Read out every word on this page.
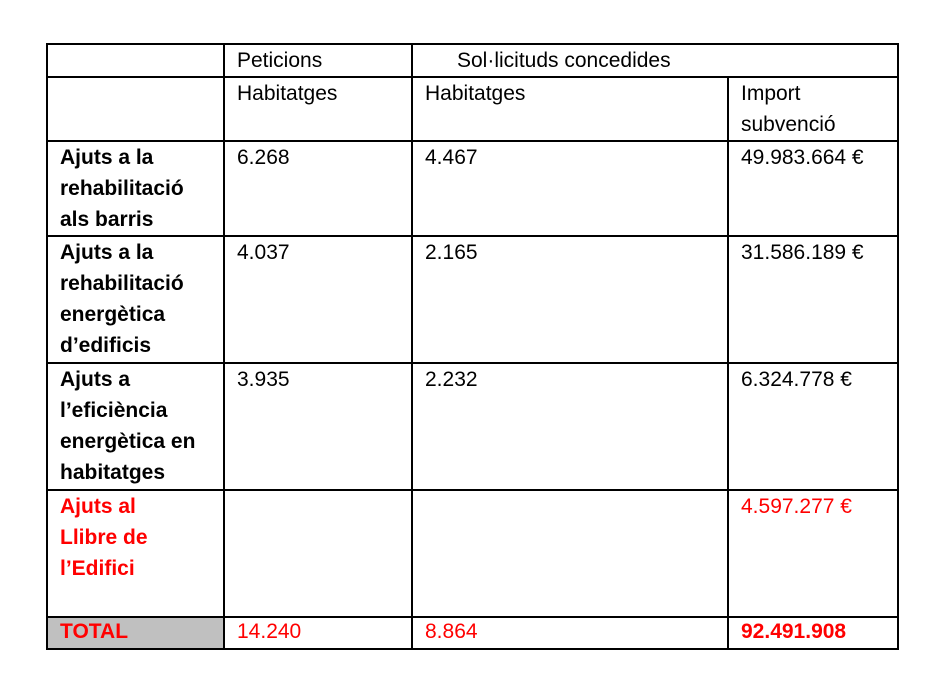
	Peticions	Sol·licituds concedides	
	Habitatges	Habitatges	Import
subvenció

Ajuts a la
rehabilitació
als barris	6.268	4.467	49.983.664 €

Ajuts a la
rehabilitació
energètica
d’edificis	4.037	2.165	31.586.189 €

Ajuts a
l’eficiència
energètica en
habitatges	3.935	2.232	6.324.778 €

Ajuts al
Llibre de
l’Edifici			4.597.277 €
TOTAL	14.240	8.864	92.491.908
